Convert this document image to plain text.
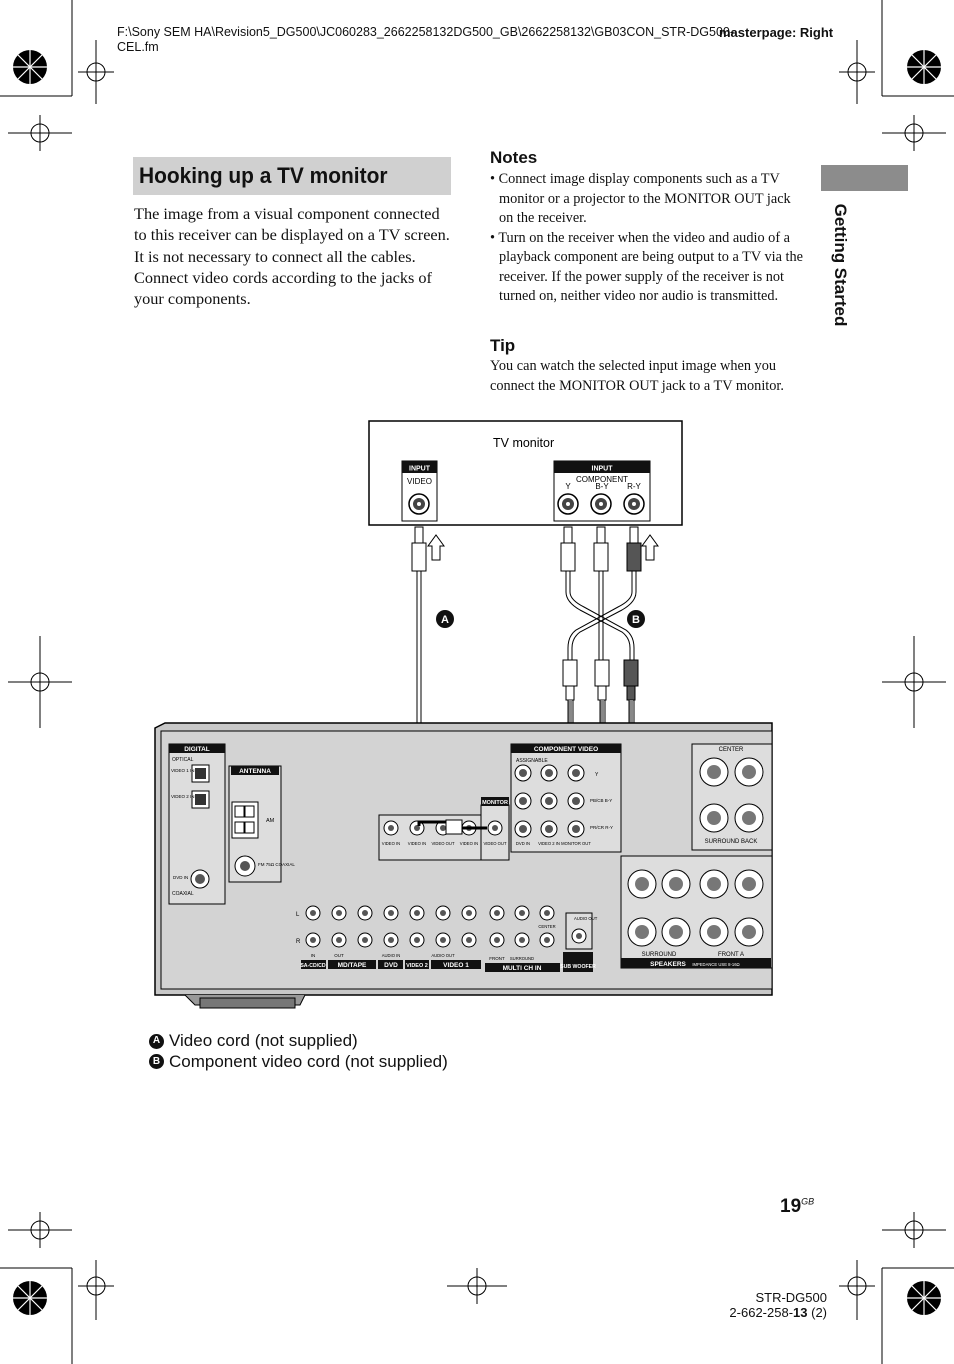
F:\Sony SEM HA\Revision5_DG500\JC060283_2662258132DG500_GB\2662258132\GB03CON_STR-DG500-CEL.fm
masterpage: Right
Getting Started
Hooking up a TV monitor

The image from a visual component connected to this receiver can be displayed on a TV screen.

It is not necessary to connect all the cables. Connect video cords according to the jacks of your components.

Notes
• Connect image display components such as a TV monitor or a projector to the MONITOR OUT jack on the receiver.
• Turn on the receiver when the video and audio of a playback component are being output to a TV via the receiver. If the power supply of the receiver is not turned on, neither video nor audio is transmitted.
Tip
You can watch the selected input image when you connect the MONITOR OUT jack to a TV monitor.
TV monitor
INPUT
VIDEO
INPUT
COMPONENT
Y	B-Y R-Y
A	B
DIGITAL
OPTICAL
VIDEO 1 IN
VIDEO 2 IN
DVD IN
COAXIAL
ANTENNA
AM
FM 75Ω COAXIAL
VIDEO IN VIDEO IN VIDEO OUT VIDEO IN
MONITOR
VIDEO OUT
COMPONENT VIDEO
ASSIGNABLE
Y
PB/CB B-Y
PR/CR R-Y
DVD IN VIDEO 2 IN MONITOR OUT
CENTER
SURROUND BACK
SURROUND	FRONT A
SPEAKERS IMPEDANCE USE 8-16Ω
L
R
IN	OUT	AUDIO IN	AUDIO OUT
FRONT SURROUND
CENTER
AUDIO OUT
SA-CD/CD MD/TAPE	DVD VIDEO 2 VIDEO 1	MULTI CH IN	SUB WOOFER
A Video cord (not supplied)
B Component video cord (not supplied)
$19^{GB}$
STR-DG500
2-662-258-13 (2)
